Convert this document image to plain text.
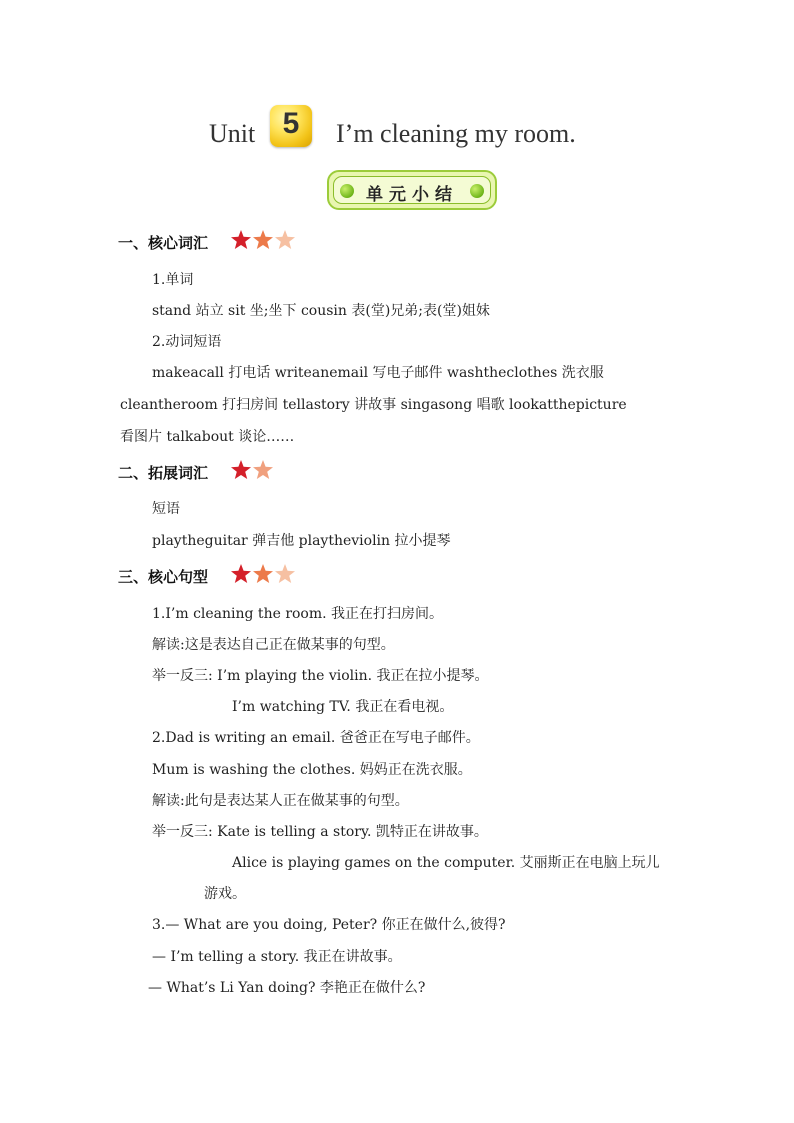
Unit 5	I’m cleaning my room.
单元小结
一、核心词汇
1.单词
stand 站立 sit 坐;坐下 cousin 表(堂)兄弟;表(堂)姐妹
2.动词短语
makeacall 打电话 writeanemail 写电子邮件 washtheclothes 洗衣服
cleantheroom 打扫房间 tellastory 讲故事 singasong 唱歌 lookatthepicture
看图片 talkabout 谈论……
二、拓展词汇
短语
playtheguitar 弹吉他 playtheviolin 拉小提琴
三、核心句型
1.I’m cleaning the room. 我正在打扫房间。
解读:这是表达自己正在做某事的句型。
举一反三: I’m playing the violin. 我正在拉小提琴。
I’m watching TV. 我正在看电视。
2.Dad is writing an email. 爸爸正在写电子邮件。
Mum is washing the clothes. 妈妈正在洗衣服。
解读:此句是表达某人正在做某事的句型。
举一反三: Kate is telling a story. 凯特正在讲故事。
Alice is playing games on the computer. 艾丽斯正在电脑上玩儿
游戏。
3.— What are you doing, Peter? 你正在做什么,彼得?
— I’m telling a story. 我正在讲故事。
— What’s Li Yan doing? 李艳正在做什么?
